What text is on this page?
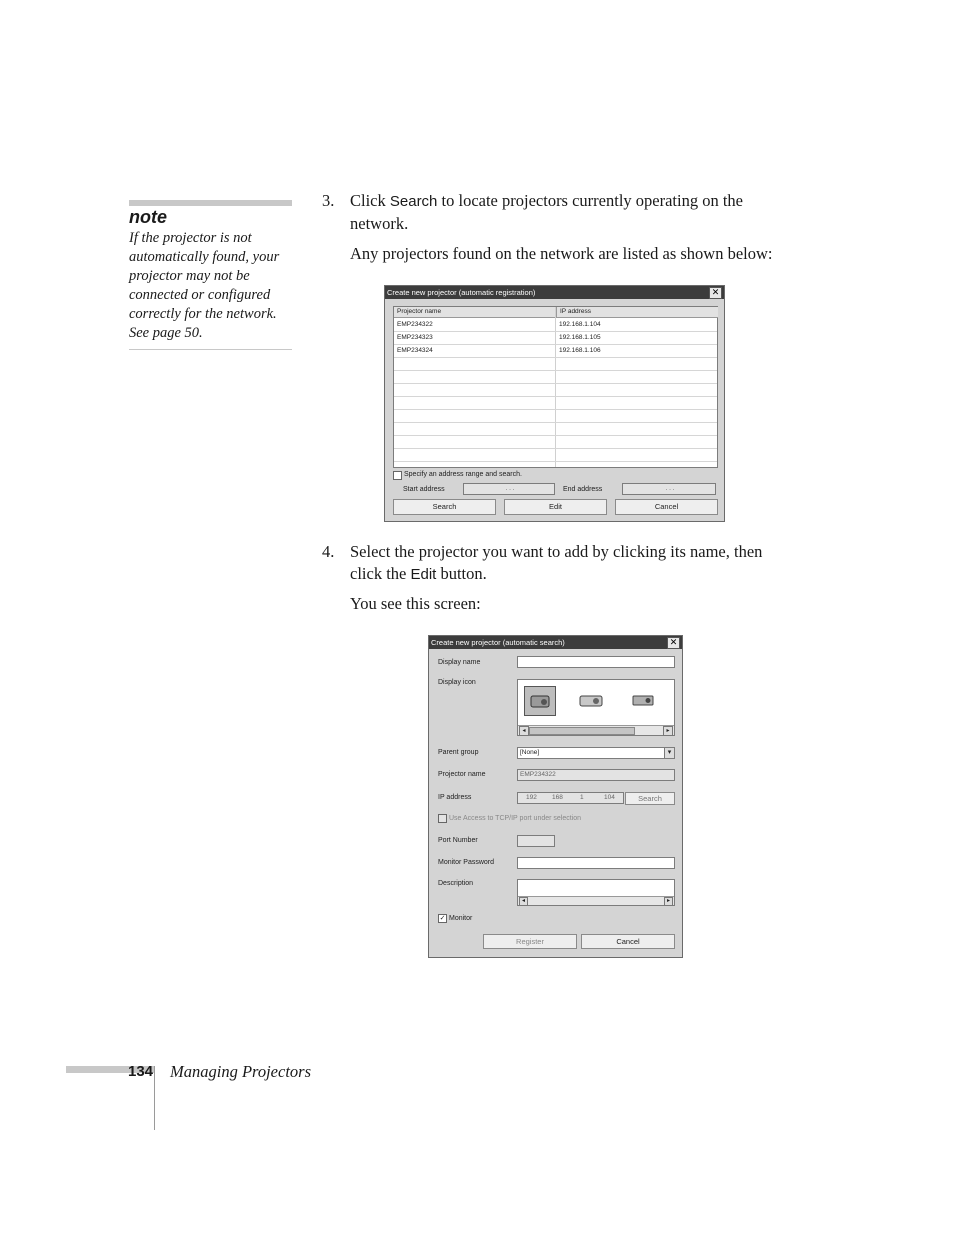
note
If the projector is not automatically found, your projector may not be connected or configured correctly for the network. See page 50.
3. Click Search to locate projectors currently operating on the network.
Any projectors found on the network are listed as shown below:
Create new projector (automatic registration)	✕
Projector name	IP address
EMP234322	192.168.1.104
EMP234323	192.168.1.105
EMP234324	192.168.1.106
Specify an address range and search.
Start address	. . .	End address	. . .
Search	Edit	Cancel
4. Select the projector you want to add by clicking its name, then click the Edit button.
You see this screen:
Create new projector (automatic search)	✕
Display name
Display icon
◂	▸
Parent group	[None]	▾
Projector name	EMP234322
IP address	192 168	1	104	Search
Use Access to TCP/IP port under selection
Port Number
Monitor Password
Description
◂	▸
✓ Monitor
Register	Cancel
134 Managing Projectors
